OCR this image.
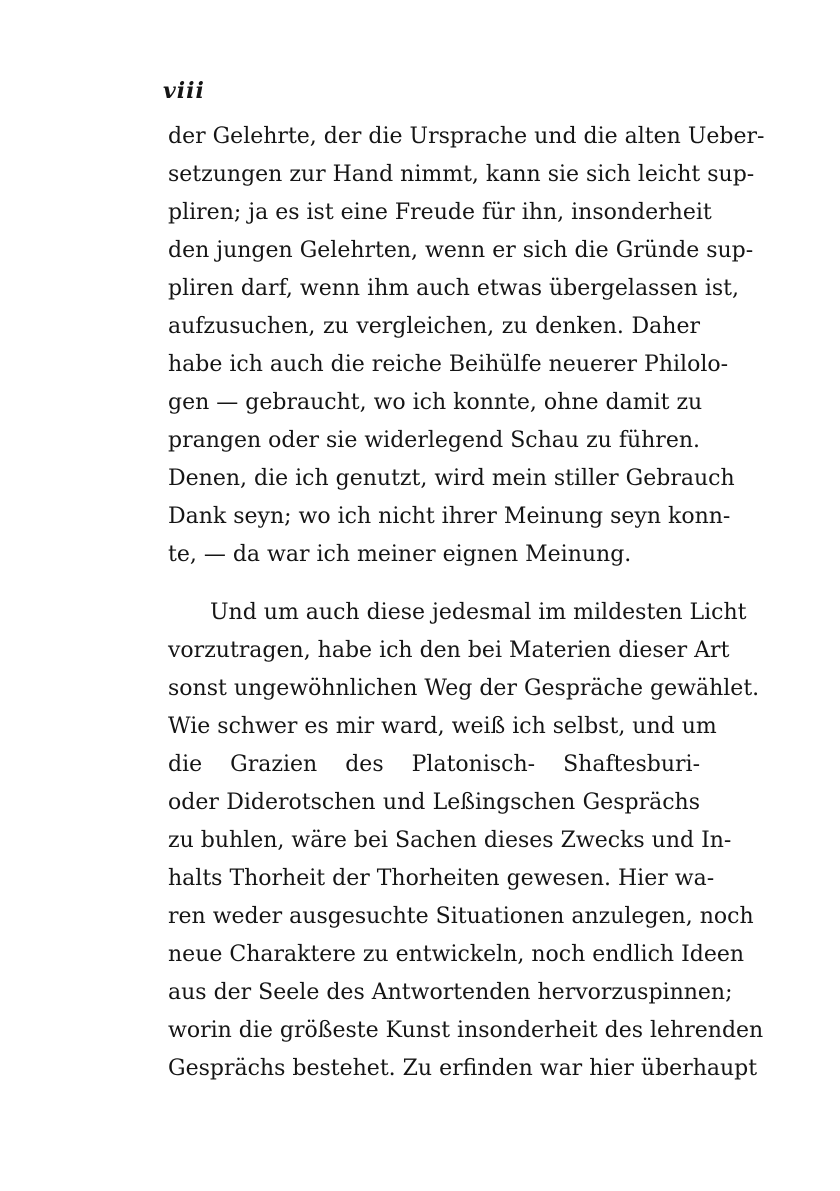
viii

der Gelehrte, der die Ursprache und die alten Ueber-

setzungen zur Hand nimmt, kann sie sich leicht sup-

pliren; ja es ist eine Freude für ihn, insonderheit

den jungen Gelehrten, wenn er sich die Gründe sup-

pliren darf, wenn ihm auch etwas übergelassen ist,

aufzusuchen, zu vergleichen, zu denken. Daher

habe ich auch die reiche Beihülfe neuerer Philolo-

gen — gebraucht, wo ich konnte, ohne damit zu

prangen oder sie widerlegend Schau zu führen.

Denen, die ich genutzt, wird mein stiller Gebrauch

Dank seyn; wo ich nicht ihrer Meinung seyn konn-

te, — da war ich meiner eignen Meinung.

Und um auch diese jedesmal im mildesten Licht

vorzutragen, habe ich den bei Materien dieser Art

sonst ungewöhnlichen Weg der Gespräche gewählet.

Wie schwer es mir ward, weiß ich selbst, und um

die Grazien des Platonisch- Shaftesburi-

oder Diderotschen und Leßingschen Gesprächs

zu buhlen, wäre bei Sachen dieses Zwecks und In-

halts Thorheit der Thorheiten gewesen. Hier wa-

ren weder ausgesuchte Situationen anzulegen, noch

neue Charaktere zu entwickeln, noch endlich Ideen

aus der Seele des Antwortenden hervorzuspinnen;

worin die größeste Kunst insonderheit des lehrenden

Gesprächs bestehet. Zu erfinden war hier überhaupt
